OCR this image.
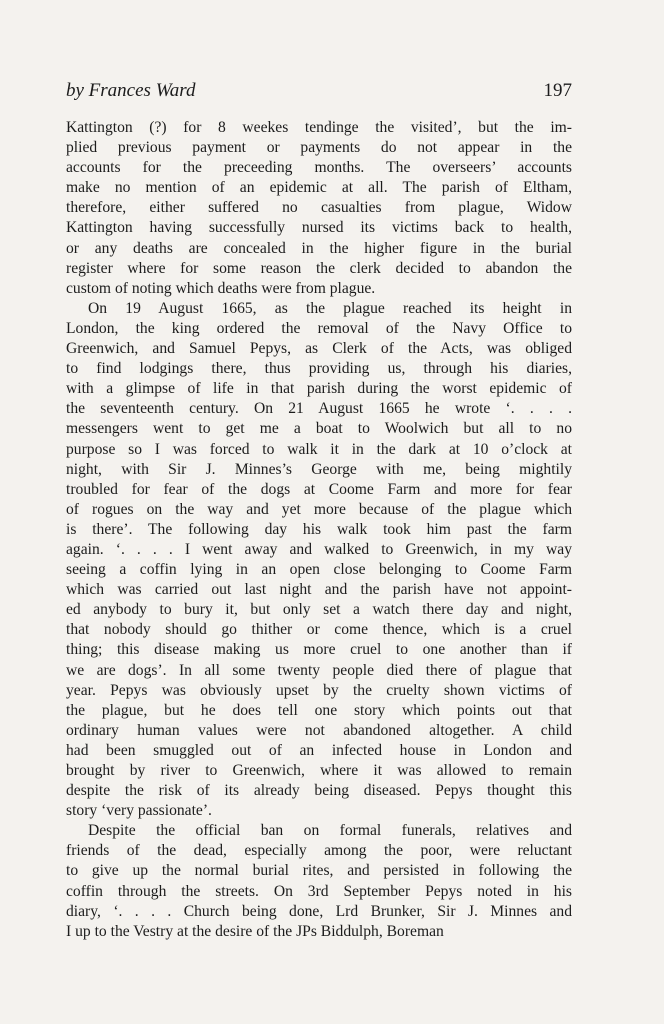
by Frances Ward	197

Kattington (?) for 8 weekes tendinge the visited’, but the im-
plied previous payment or payments do not appear in the
accounts for the preceeding months. The overseers’ accounts
make no mention of an epidemic at all. The parish of Eltham,
therefore, either suffered no casualties from plague, Widow
Kattington having successfully nursed its victims back to health,
or any deaths are concealed in the higher figure in the burial
register where for some reason the clerk decided to abandon the
custom of noting which deaths were from plague.

On 19 August 1665, as the plague reached its height in
London, the king ordered the removal of the Navy Office to
Greenwich, and Samuel Pepys, as Clerk of the Acts, was obliged
to find lodgings there, thus providing us, through his diaries,
with a glimpse of life in that parish during the worst epidemic of
the seventeenth century. On 21 August 1665 he wrote ‘. . . .
messengers went to get me a boat to Woolwich but all to no
purpose so I was forced to walk it in the dark at 10 o’clock at
night, with Sir J. Minnes’s George with me, being mightily
troubled for fear of the dogs at Coome Farm and more for fear
of rogues on the way and yet more because of the plague which
is there’. The following day his walk took him past the farm
again. ‘. . . . I went away and walked to Greenwich, in my way
seeing a coffin lying in an open close belonging to Coome Farm
which was carried out last night and the parish have not appoint-
ed anybody to bury it, but only set a watch there day and night,
that nobody should go thither or come thence, which is a cruel
thing; this disease making us more cruel to one another than if
we are dogs’. In all some twenty people died there of plague that
year. Pepys was obviously upset by the cruelty shown victims of
the plague, but he does tell one story which points out that
ordinary human values were not abandoned altogether. A child
had been smuggled out of an infected house in London and
brought by river to Greenwich, where it was allowed to remain
despite the risk of its already being diseased. Pepys thought this
story ‘very passionate’.

Despite the official ban on formal funerals, relatives and
friends of the dead, especially among the poor, were reluctant
to give up the normal burial rites, and persisted in following the
coffin through the streets. On 3rd September Pepys noted in his
diary, ‘. . . . Church being done, Lrd Brunker, Sir J. Minnes and
I up to the Vestry at the desire of the JPs Biddulph, Boreman
